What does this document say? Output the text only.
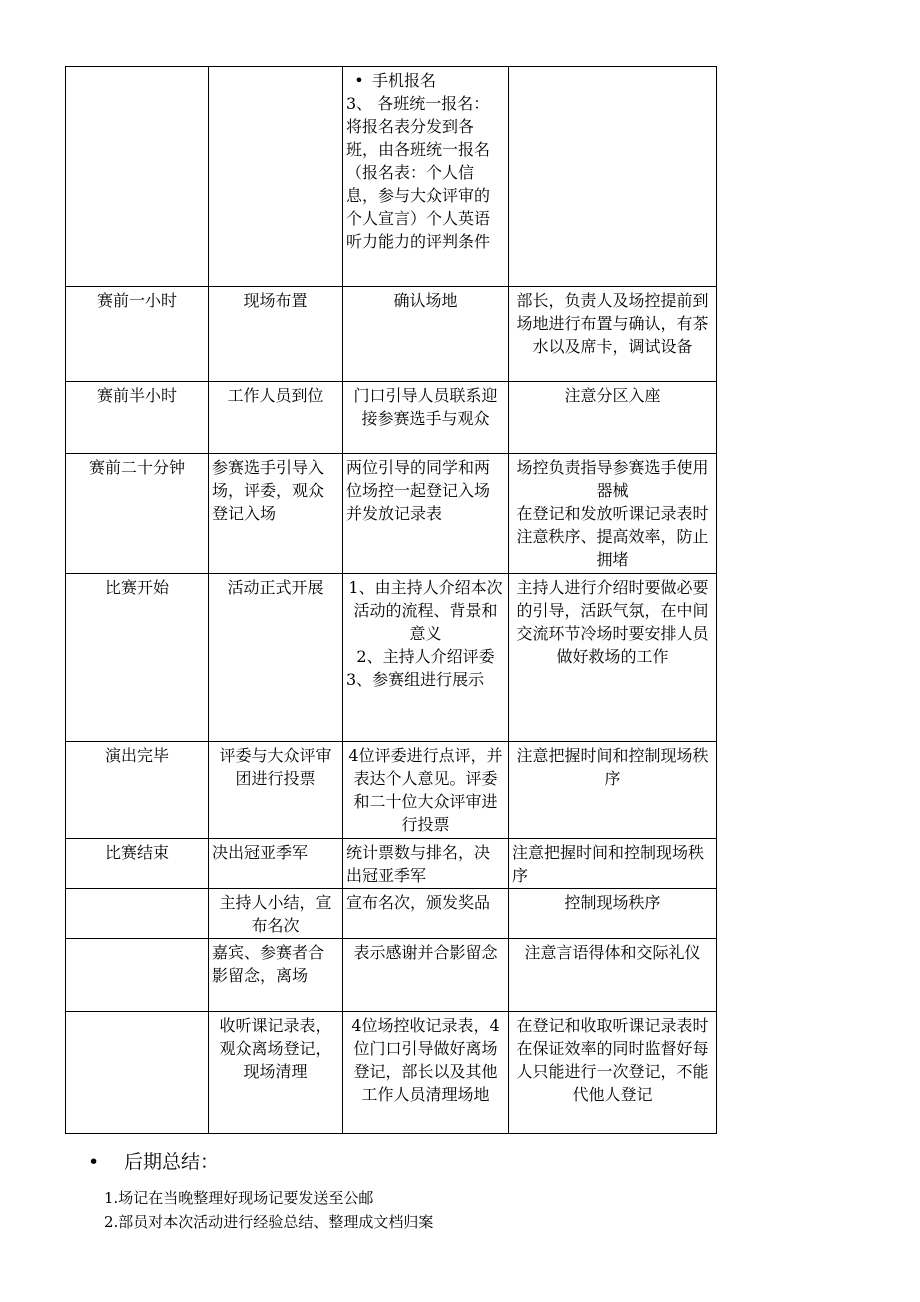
		• 手机报名
3、 各班统一报名：将报名表分发到各班，由各班统一报名 （报名表：个人信息，参与大众评审的个人宣言）个人英语听力能力的评判条件	

赛前一小时	现场布置	确认场地	部长，负责人及场控提前到场地进行布置与确认，有茶水以及席卡，调试设备
赛前半小时	工作人员到位	门口引导人员联系迎接参赛选手与观众	注意分区入座
赛前二十分钟	参赛选手引导入场，评委，观众登记入场	两位引导的同学和两位场控一起登记入场并发放记录表	场控负责指导参赛选手使用器械
在登记和发放听课记录表时注意秩序、提高效率，防止拥堵

比赛开始	活动正式开展	1、由主持人介绍本次活动的流程、背景和意义
2、主持人介绍评委
3、参赛组进行展示	主持人进行介绍时要做必要的引导，活跃气氛，在中间交流环节冷场时要安排人员做好救场的工作
演出完毕	评委与大众评审团进行投票	4位评委进行点评，并表达个人意见。评委和二十位大众评审进行投票	注意把握时间和控制现场秩序
比赛结束	决出冠亚季军	统计票数与排名，决出冠亚季军	注意把握时间和控制现场秩序
	主持人小结，宣布名次	宣布名次，颁发奖品	控制现场秩序
	嘉宾、参赛者合影留念，离场	表示感谢并合影留念	注意言语得体和交际礼仪
	收听课记录表，观众离场登记，现场清理	4位场控收记录表，4位门口引导做好离场登记，部长以及其他工作人员清理场地	在登记和收取听课记录表时在保证效率的同时监督好每人只能进行一次登记，不能代他人登记
• 后期总结：
1.场记在当晚整理好现场记要发送至公邮
2.部员对本次活动进行经验总结、整理成文档归案
